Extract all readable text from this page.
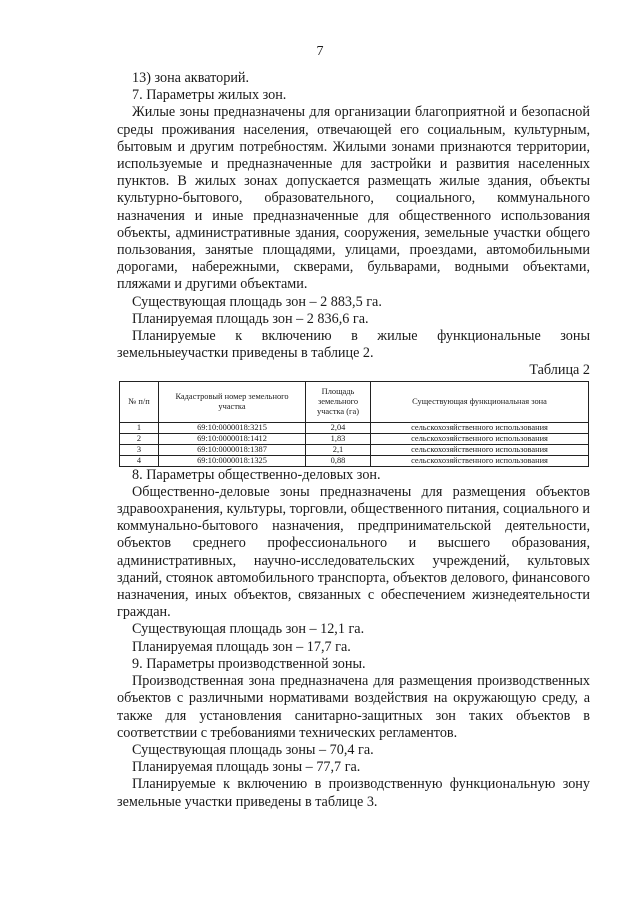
7

13) зона акваторий.

7. Параметры жилых зон.

Жилые зоны предназначены для организации благоприятной и безопасной среды проживания населения, отвечающей его социальным, культурным, бытовым и другим потребностям. Жилыми зонами признаются территории, используемые и предназначенные для застройки и развития населенных пунктов. В жилых зонах допускается размещать жилые здания, объекты культурно-бытового, образовательного, социального, коммунального назначения и иные предназначенные для общественного использования объекты, административные здания, сооружения, земельные участки общего пользования, занятые площадями, улицами, проездами, автомобильными дорогами, набережными, скверами, бульварами, водными объектами, пляжами и другими объектами.

Существующая площадь зон – 2 883,5 га.

Планируемая площадь зон – 2 836,6 га.

Планируемые к включению в жилые функциональные зоны земельныеучастки приведены в таблице 2.

Таблица 2

№ п/п	Кадастровый номер земельного участка	Площадь земельного участка (га)	Существующая функциональная зона
1	69:10:0000018:3215	2,04	сельскохозяйственного использования
2	69:10:0000018:1412	1,83	сельскохозяйственного использования
3	69:10:0000018:1387	2,1	сельскохозяйственного использования
4	69:10:0000018:1325	0,88	сельскохозяйственного использования

8. Параметры общественно-деловых зон.

Общественно-деловые зоны предназначены для размещения объектов здравоохранения, культуры, торговли, общественного питания, социального и коммунально-бытового назначения, предпринимательской деятельности, объектов среднего профессионального и высшего образования, административных, научно-исследовательских учреждений, культовых зданий, стоянок автомобильного транспорта, объектов делового, финансового назначения, иных объектов, связанных с обеспечением жизнедеятельности граждан.

Существующая площадь зон – 12,1 га.

Планируемая площадь зон – 17,7 га.

9. Параметры производственной зоны.

Производственная зона предназначена для размещения производственных объектов с различными нормативами воздействия на окружающую среду, а также для установления санитарно-защитных зон таких объектов в соответствии с требованиями технических регламентов.

Существующая площадь зоны – 70,4 га.

Планируемая площадь зоны – 77,7 га.

Планируемые к включению в производственную функциональную зону земельные участки приведены в таблице 3.
